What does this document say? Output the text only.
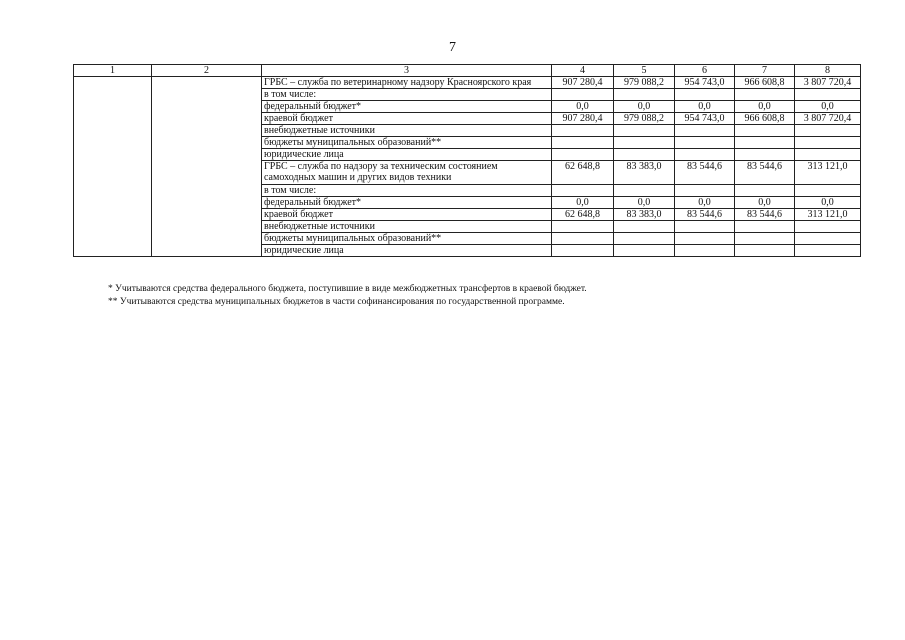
7
1	2	3	4	5	6	7	8

		ГРБС – служба по ветеринарному надзору Красноярского края	907 280,4	979 088,2	954 743,0	966 608,8	3 807 720,4

		в том числе:					

		федеральный бюджет*	0,0	0,0	0,0	0,0	0,0

		краевой бюджет	907 280,4	979 088,2	954 743,0	966 608,8	3 807 720,4

		внебюджетные источники					

		бюджеты муниципальных образований**					

		юридические лица					

		ГРБС – служба по надзору за техническим состоянием
самоходных машин и других видов техники	62 648,8	83 383,0	83 544,6	83 544,6	313 121,0

		в том числе:					

		федеральный бюджет*	0,0	0,0	0,0	0,0	0,0

		краевой бюджет	62 648,8	83 383,0	83 544,6	83 544,6	313 121,0

		внебюджетные источники					

		бюджеты муниципальных образований**					

		юридические лица					

* Учитываются средства федерального бюджета, поступившие в виде межбюджетных трансфертов в краевой бюджет.
** Учитываются средства муниципальных бюджетов в части софинансирования по государственной программе.
